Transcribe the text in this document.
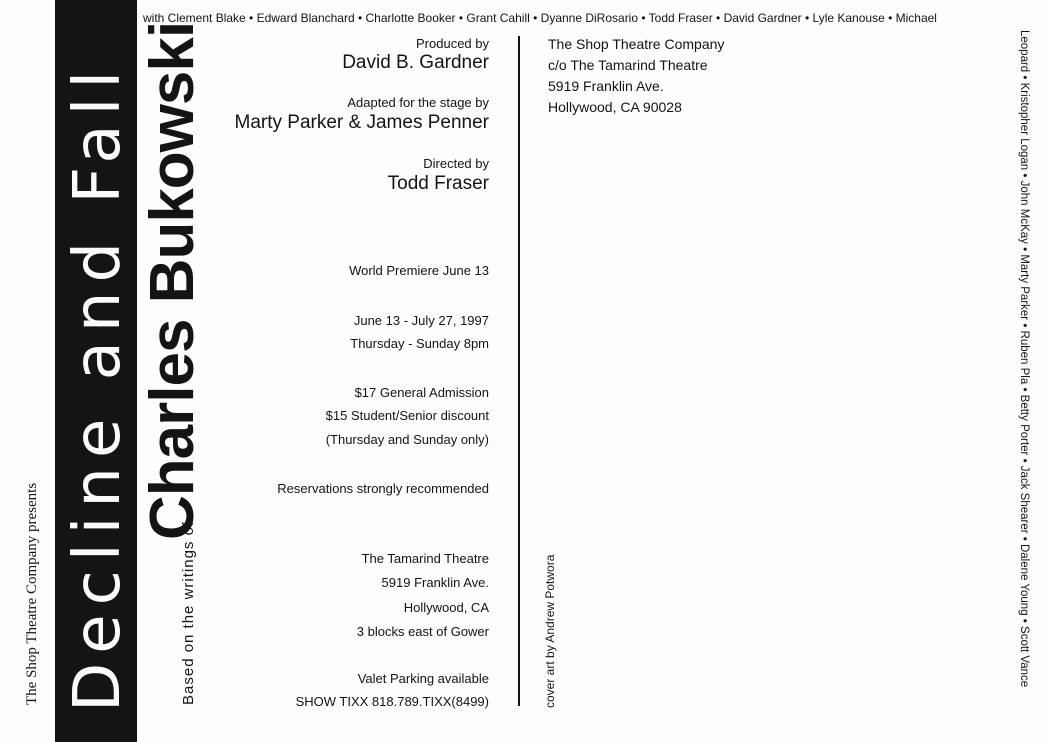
The Shop Theatre Company presents Decline and Fall	Based on the writings of
Charles Bukowski
with Clement Blake • Edward Blanchard • Charlotte Booker • Grant Cahill • Dyanne DiRosario • Todd Fraser • David Gardner • Lyle Kanouse • Michael
Leopard • Kristopher Logan • John McKay • Marty Parker • Ruben Pla • Betty Porter • Jack Shearer • Dalene Young • Scott Vance
Produced by
David B. Gardner
Adapted for the stage by
Marty Parker & James Penner
Directed by
Todd Fraser
World Premiere June 13
June 13 - July 27, 1997
Thursday - Sunday 8pm
$17 General Admission
$15 Student/Senior discount
(Thursday and Sunday only)
Reservations strongly recommended
The Tamarind Theatre
5919 Franklin Ave.
Hollywood, CA
3 blocks east of Gower
Valet Parking available
SHOW TIXX 818.789.TIXX(8499)
The Shop Theatre Company
c/o The Tamarind Theatre
5919 Franklin Ave.
Hollywood, CA 90028
cover art by Andrew Potwora
